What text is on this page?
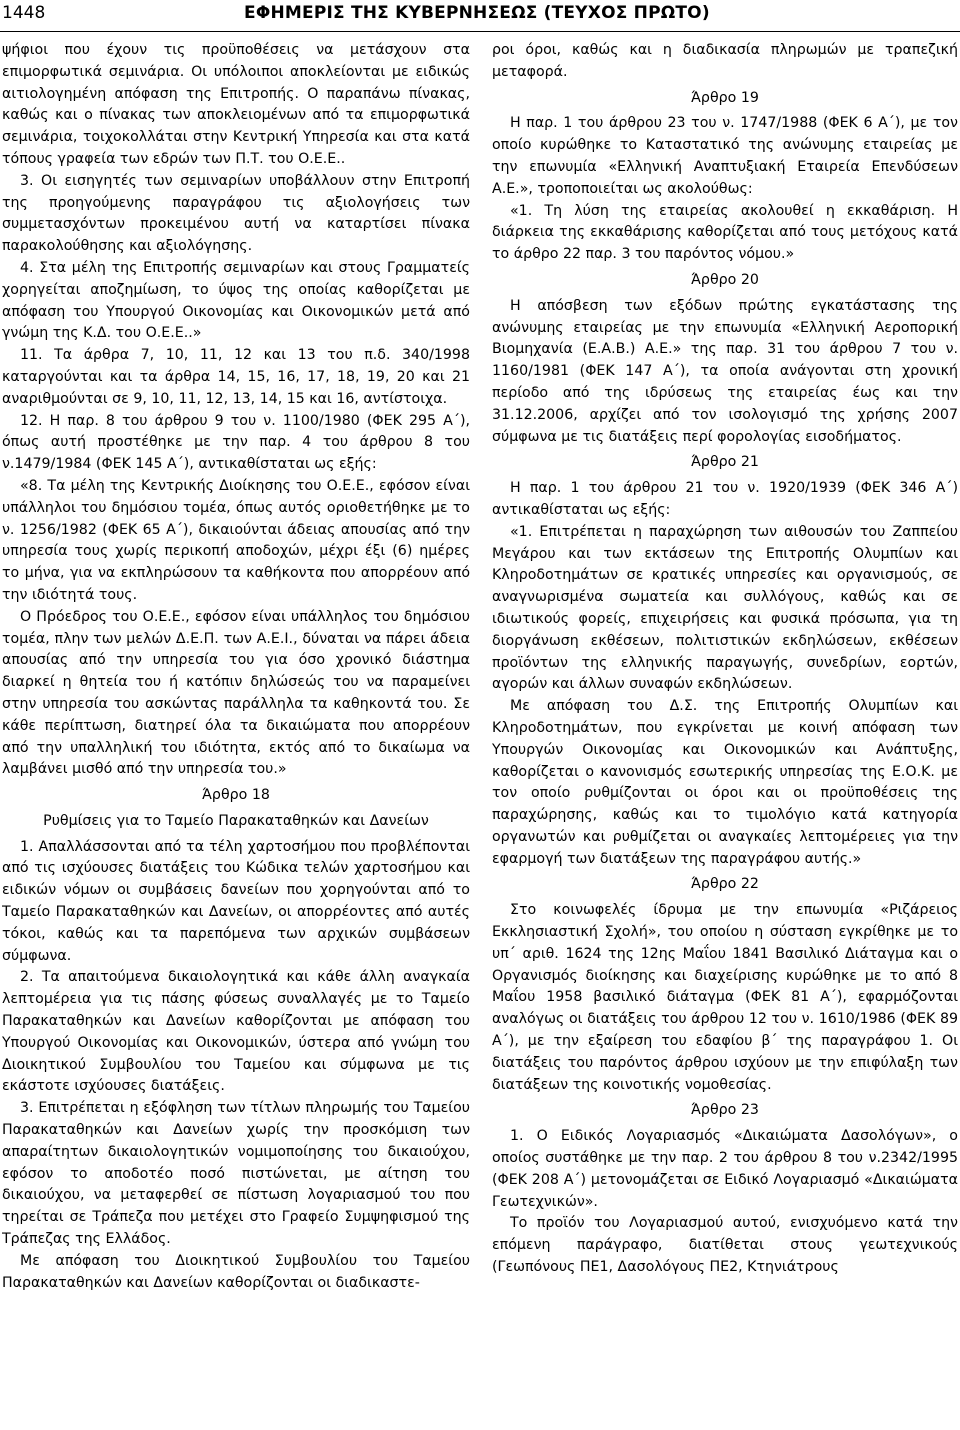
1448	ΕΦΗΜΕΡΙΣ ΤΗΣ ΚΥΒΕΡΝΗΣΕΩΣ (ΤΕΥΧΟΣ ΠΡΩΤΟ)

ψήφιοι που έχουν τις προϋποθέσεις να μετάσχουν στα επιμορφωτικά σεμινάρια. Οι υπόλοιποι αποκλείονται με ειδικώς αιτιολογημένη απόφαση της Επιτροπής. Ο παραπάνω πίνακας, καθώς και ο πίνακας των αποκλειομένων από τα επιμορφωτικά σεμινάρια, τοιχοκολλάται στην Κεντρική Υπηρεσία και στα κατά τόπους γραφεία των εδρών των Π.Τ. του Ο.Ε.Ε..

3. Οι εισηγητές των σεμιναρίων υποβάλλουν στην Επιτροπή της προηγούμενης παραγράφου τις αξιολογήσεις των συμμετασχόντων προκειμένου αυτή να καταρτίσει πίνακα παρακολούθησης και αξιολόγησης.

4. Στα μέλη της Επιτροπής σεμιναρίων και στους Γραμματείς χορηγείται αποζημίωση, το ύψος της οποίας καθορίζεται με απόφαση του Υπουργού Οικονομίας και Οικονομικών μετά από γνώμη της Κ.Δ. του Ο.Ε.Ε..»

11. Τα άρθρα 7, 10, 11, 12 και 13 του π.δ. 340/1998 καταργούνται και τα άρθρα 14, 15, 16, 17, 18, 19, 20 και 21 αναριθμούνται σε 9, 10, 11, 12, 13, 14, 15 και 16, αντίστοιχα.

12. Η παρ. 8 του άρθρου 9 του ν. 1100/1980 (ΦΕΚ 295 Α΄), όπως αυτή προστέθηκε με την παρ. 4 του άρθρου 8 του ν.1479/1984 (ΦΕΚ 145 Α΄), αντικαθίσταται ως εξής:

«8. Τα μέλη της Κεντρικής Διοίκησης του Ο.Ε.Ε., εφόσον είναι υπάλληλοι του δημόσιου τομέα, όπως αυτός οριοθετήθηκε με το ν. 1256/1982 (ΦΕΚ 65 Α΄), δικαιούνται άδειας απουσίας από την υπηρεσία τους χωρίς περικοπή αποδοχών, μέχρι έξι (6) ημέρες το μήνα, για να εκπληρώσουν τα καθήκοντα που απορρέουν από την ιδιότητά τους.

Ο Πρόεδρος του Ο.Ε.Ε., εφόσον είναι υπάλληλος του δημόσιου τομέα, πλην των μελών Δ.Ε.Π. των Α.Ε.Ι., δύναται να πάρει άδεια απουσίας από την υπηρεσία του για όσο χρονικό διάστημα διαρκεί η θητεία του ή κατόπιν δηλώσεώς του να παραμείνει στην υπηρεσία του ασκώντας παράλληλα τα καθηκοντά του. Σε κάθε περίπτωση, διατηρεί όλα τα δικαιώματα που απορρέουν από την υπαλληλική του ιδιότητα, εκτός από το δικαίωμα να λαμβάνει μισθό από την υπηρεσία του.»

Άρθρο 18

Ρυθμίσεις για το Ταμείο Παρακαταθηκών και Δανείων

1. Απαλλάσσονται από τα τέλη χαρτοσήμου που προβλέπονται από τις ισχύουσες διατάξεις του Κώδικα τελών χαρτοσήμου και ειδικών νόμων οι συμβάσεις δανείων που χορηγούνται από το Ταμείο Παρακαταθηκών και Δανείων, οι απορρέοντες από αυτές τόκοι, καθώς και τα παρεπόμενα των αρχικών συμβάσεων σύμφωνα.

2. Τα απαιτούμενα δικαιολογητικά και κάθε άλλη αναγκαία λεπτομέρεια για τις πάσης φύσεως συναλλαγές με το Ταμείο Παρακαταθηκών και Δανείων καθορίζονται με απόφαση του Υπουργού Οικονομίας και Οικονομικών, ύστερα από γνώμη του Διοικητικού Συμβουλίου του Ταμείου και σύμφωνα με τις εκάστοτε ισχύουσες διατάξεις.

3. Επιτρέπεται η εξόφληση των τίτλων πληρωμής του Ταμείου Παρακαταθηκών και Δανείων χωρίς την προσκόμιση των απαραίτητων δικαιολογητικών νομιμοποίησης του δικαιούχου, εφόσον το αποδοτέο ποσό πιστώνεται, με αίτηση του δικαιούχου, να μεταφερθεί σε πίστωση λογαριασμού του που τηρείται σε Τράπεζα που μετέχει στο Γραφείο Συμψηφισμού της Τράπεζας της Ελλάδος.

Με απόφαση του Διοικητικού Συμβουλίου του Ταμείου Παρακαταθηκών και Δανείων καθορίζονται οι διαδικαστε-

ροι όροι, καθώς και η διαδικασία πληρωμών με τραπεζική μεταφορά.

Άρθρο 19

Η παρ. 1 του άρθρου 23 του ν. 1747/1988 (ΦΕΚ 6 Α΄), με τον οποίο κυρώθηκε το Καταστατικό της ανώνυμης εταιρείας με την επωνυμία «Ελληνική Αναπτυξιακή Εταιρεία Επενδύσεων Α.Ε.», τροποποιείται ως ακολούθως:

«1. Τη λύση της εταιρείας ακολουθεί η εκκαθάριση. Η διάρκεια της εκκαθάρισης καθορίζεται από τους μετόχους κατά το άρθρο 22 παρ. 3 του παρόντος νόμου.»

Άρθρο 20

Η απόσβεση των εξόδων πρώτης εγκατάστασης της ανώνυμης εταιρείας με την επωνυμία «Ελληνική Αεροπορική Βιομηχανία (Ε.Α.Β.) Α.Ε.» της παρ. 31 του άρθρου 7 του ν. 1160/1981 (ΦΕΚ 147 Α΄), τα οποία ανάγονται στη χρονική περίοδο από της ιδρύσεως της εταιρείας έως και την 31.12.2006, αρχίζει από τον ισολογισμό της χρήσης 2007 σύμφωνα με τις διατάξεις περί φορολογίας εισοδήματος.

Άρθρο 21

Η παρ. 1 του άρθρου 21 του ν. 1920/1939 (ΦΕΚ 346 Α΄) αντικαθίσταται ως εξής:

«1. Επιτρέπεται η παραχώρηση των αιθουσών του Ζαππείου Μεγάρου και των εκτάσεων της Επιτροπής Ολυμπίων και Κληροδοτημάτων σε κρατικές υπηρεσίες και οργανισμούς, σε αναγνωρισμένα σωματεία και συλλόγους, καθώς και σε ιδιωτικούς φορείς, επιχειρήσεις και φυσικά πρόσωπα, για τη διοργάνωση εκθέσεων, πολιτιστικών εκδηλώσεων, εκθέσεων προϊόντων της ελληνικής παραγωγής, συνεδρίων, εορτών, αγορών και άλλων συναφών εκδηλώσεων.

Με απόφαση του Δ.Σ. της Επιτροπής Ολυμπίων και Κληροδοτημάτων, που εγκρίνεται με κοινή απόφαση των Υπουργών Οικονομίας και Οικονομικών και Ανάπτυξης, καθορίζεται ο κανονισμός εσωτερικής υπηρεσίας της Ε.Ο.Κ. με τον οποίο ρυθμίζονται οι όροι και οι προϋποθέσεις της παραχώρησης, καθώς και το τιμολόγιο κατά κατηγορία οργανωτών και ρυθμίζεται οι αναγκαίες λεπτομέρειες για την εφαρμογή των διατάξεων της παραγράφου αυτής.»

Άρθρο 22

Στο κοινωφελές ίδρυμα με την επωνυμία «Ριζάρειος Εκκλησιαστική Σχολή», του οποίου η σύσταση εγκρίθηκε με το υπ΄ αριθ. 1624 της 12ης Μαΐου 1841 Βασιλικό Διάταγμα και ο Οργανισμός διοίκησης και διαχείρισης κυρώθηκε με το από 8 Μαΐου 1958 βασιλικό διάταγμα (ΦΕΚ 81 Α΄), εφαρμόζονται αναλόγως οι διατάξεις του άρθρου 12 του ν. 1610/1986 (ΦΕΚ 89 Α΄), με την εξαίρεση του εδαφίου β΄ της παραγράφου 1. Οι διατάξεις του παρόντος άρθρου ισχύουν με την επιφύλαξη των διατάξεων της κοινοτικής νομοθεσίας.

Άρθρο 23

1. Ο Ειδικός Λογαριασμός «Δικαιώματα Δασολόγων», ο οποίος συστάθηκε με την παρ. 2 του άρθρου 8 του ν.2342/1995 (ΦΕΚ 208 Α΄) μετονομάζεται σε Ειδικό Λογαριασμό «Δικαιώματα Γεωτεχνικών».

Το προϊόν του Λογαριασμού αυτού, ενισχυόμενο κατά την επόμενη παράγραφο, διατίθεται στους γεωτεχνικούς (Γεωπόνους ΠΕ1, Δασολόγους ΠΕ2, Κτηνιάτρους
